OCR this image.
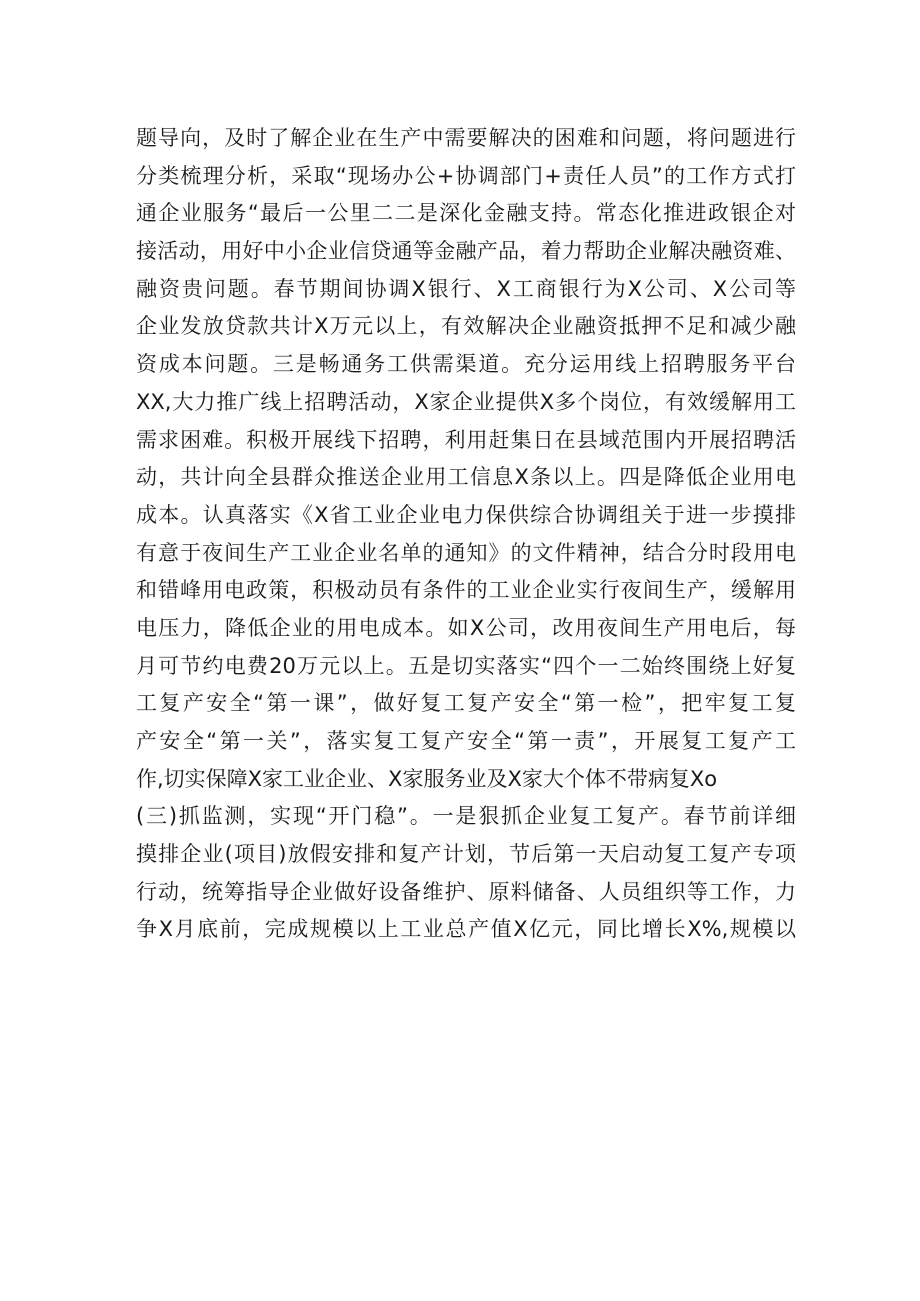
题导向，及时了解企业在生产中需要解决的困难和问题，将问题进行
分类梳理分析，采取“现场办公+协调部门+责任人员”的工作方式打
通企业服务“最后一公里二二是深化金融支持。常态化推进政银企对
接活动，用好中小企业信贷通等金融产品，着力帮助企业解决融资难、
融资贵问题。春节期间协调X银行、X工商银行为X公司、X公司等
企业发放贷款共计X万元以上，有效解决企业融资抵押不足和减少融
资成本问题。三是畅通务工供需渠道。充分运用线上招聘服务平台
XX,大力推广线上招聘活动，X家企业提供X多个岗位，有效缓解用工
需求困难。积极开展线下招聘，利用赶集日在县域范围内开展招聘活
动，共计向全县群众推送企业用工信息X条以上。四是降低企业用电
成本。认真落实《X省工业企业电力保供综合协调组关于进一步摸排
有意于夜间生产工业企业名单的通知》的文件精神，结合分时段用电
和错峰用电政策，积极动员有条件的工业企业实行夜间生产，缓解用
电压力，降低企业的用电成本。如X公司，改用夜间生产用电后，每
月可节约电费20万元以上。五是切实落实“四个一二始终围绕上好复
工复产安全“第一课”，做好复工复产安全“第一检”，把牢复工复
产安全“第一关”，落实复工复产安全“第一责”，开展复工复产工
作,切实保障X家工业企业、X家服务业及X家大个体不带病复Xo
(三)抓监测，实现“开门稳”。一是狠抓企业复工复产。春节前详细
摸排企业(项目)放假安排和复产计划，节后第一天启动复工复产专项
行动，统筹指导企业做好设备维护、原料储备、人员组织等工作，力
争X月底前，完成规模以上工业总产值X亿元，同比增长X%,规模以
